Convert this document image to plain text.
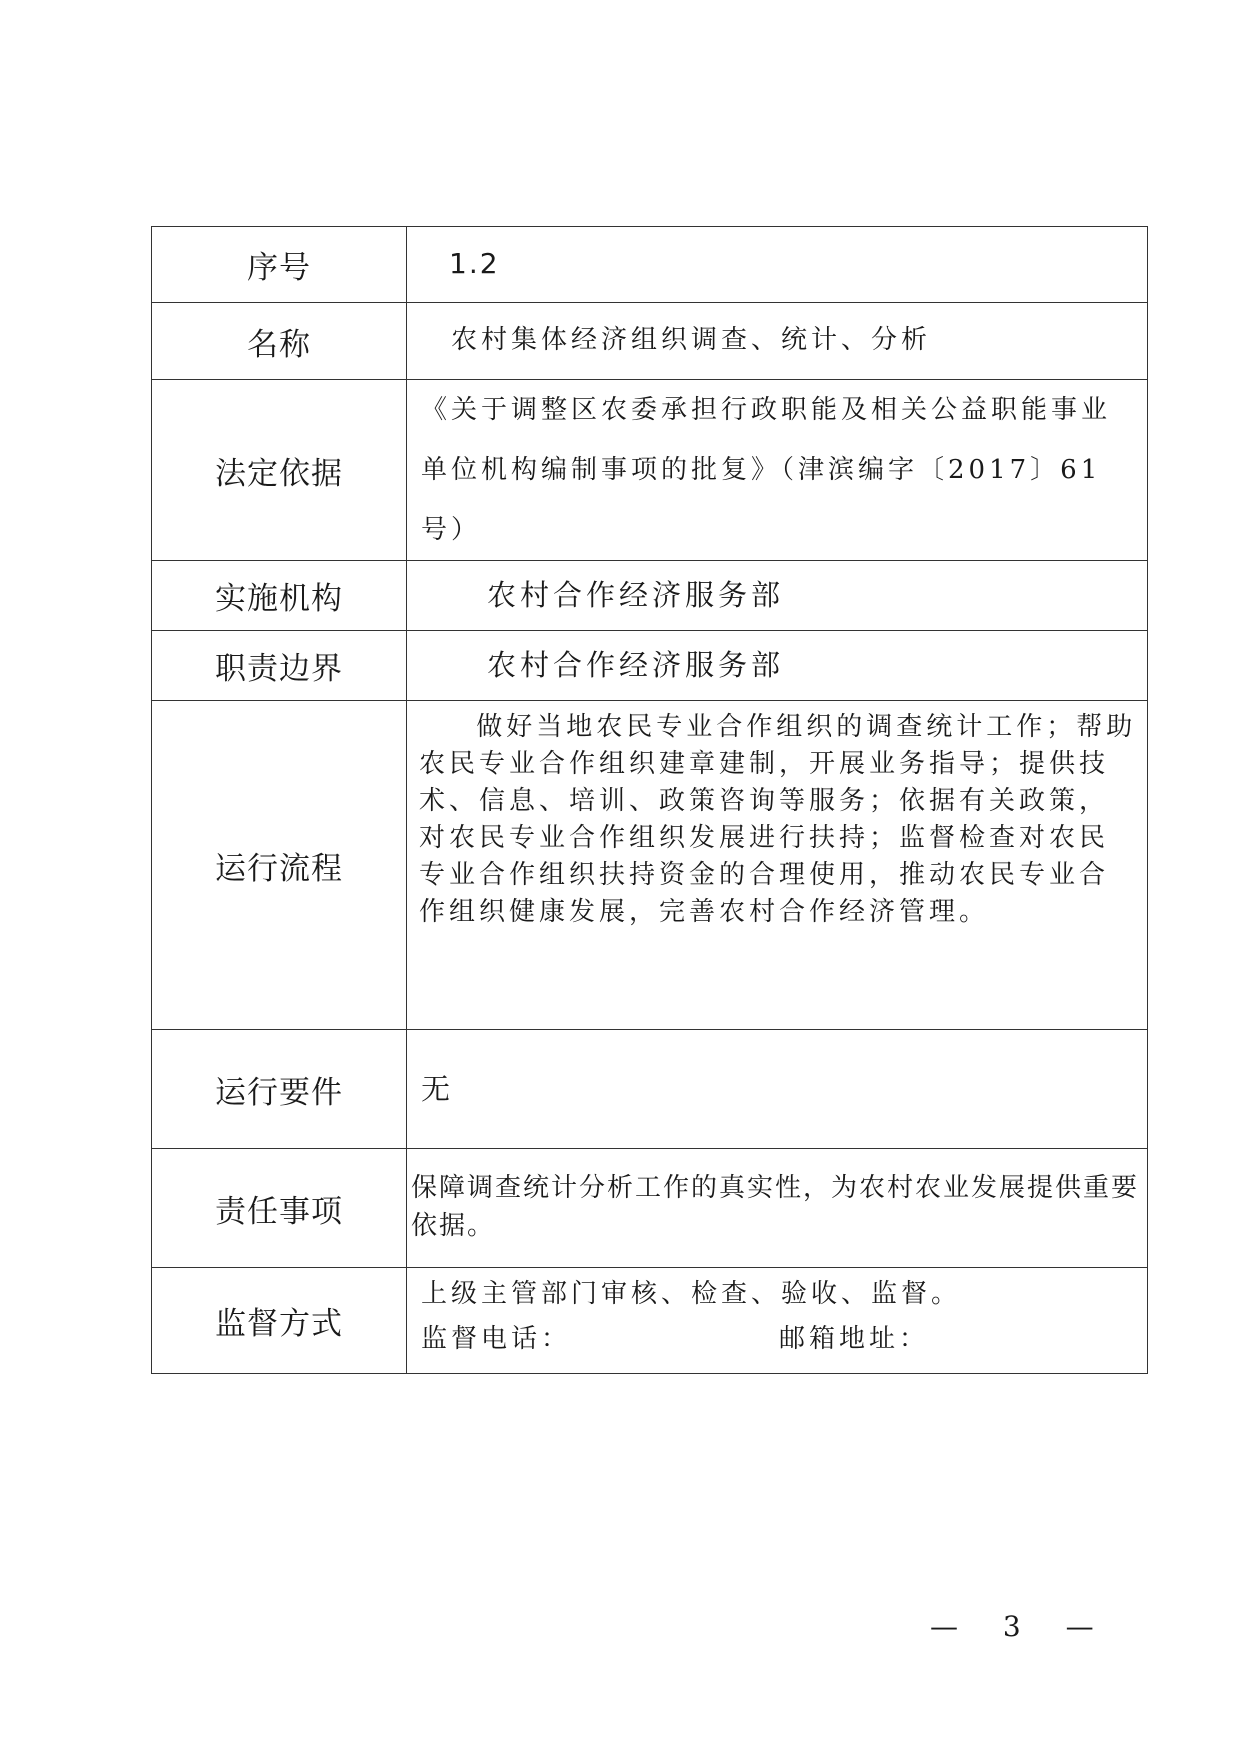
序号	1.2
名称	农村集体经济组织调查、统计、分析
法定依据	《关于调整区农委承担行政职能及相关公益职能事业单位机构编制事项的批复》（津滨编字〔2017〕61 号）
实施机构	农村合作经济服务部
职责边界	农村合作经济服务部
运行流程	做好当地农民专业合作组织的调查统计工作；帮助农民专业合作组织建章建制，开展业务指导；提供技术、信息、培训、政策咨询等服务；依据有关政策，对农民专业合作组织发展进行扶持；监督检查对农民专业合作组织扶持资金的合理使用，推动农民专业合作组织健康发展，完善农村合作经济管理。
运行要件	无
责任事项	保障调查统计分析工作的真实性，为农村农业发展提供重要依据。
监督方式	上级主管部门审核、检查、验收、监督。
监督电话： 邮箱地址：
— 3 —
